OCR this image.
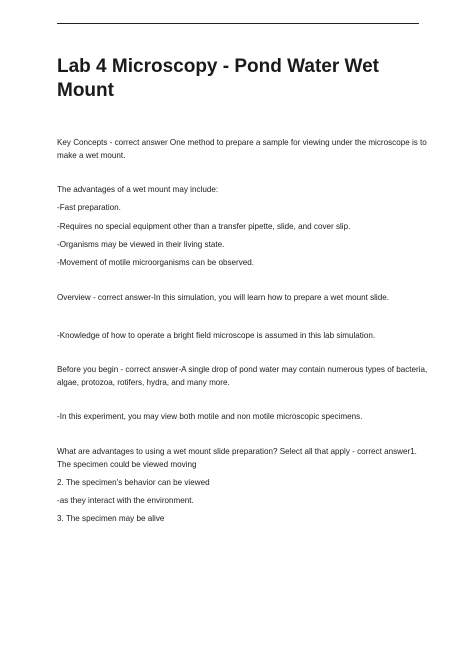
Lab 4 Microscopy - Pond Water Wet Mount

Key Concepts - correct answer One method to prepare a sample for viewing under the microscope is to make a wet mount.

The advantages of a wet mount may include:

-Fast preparation.

-Requires no special equipment other than a transfer pipette, slide, and cover slip.

-Organisms may be viewed in their living state.

-Movement of motile microorganisms can be observed.

Overview - correct answer-In this simulation, you will learn how to prepare a wet mount slide.

-Knowledge of how to operate a bright field microscope is assumed in this lab simulation.

Before you begin - correct answer-A single drop of pond water may contain numerous types of bacteria, algae, protozoa, rotifers, hydra, and many more.

-In this experiment, you may view both motile and non motile microscopic specimens.

What are advantages to using a wet mount slide preparation? Select all that apply - correct answer1. The specimen could be viewed moving

2. The specimen's behavior can be viewed

-as they interact with the environment.

3. The specimen may be alive
